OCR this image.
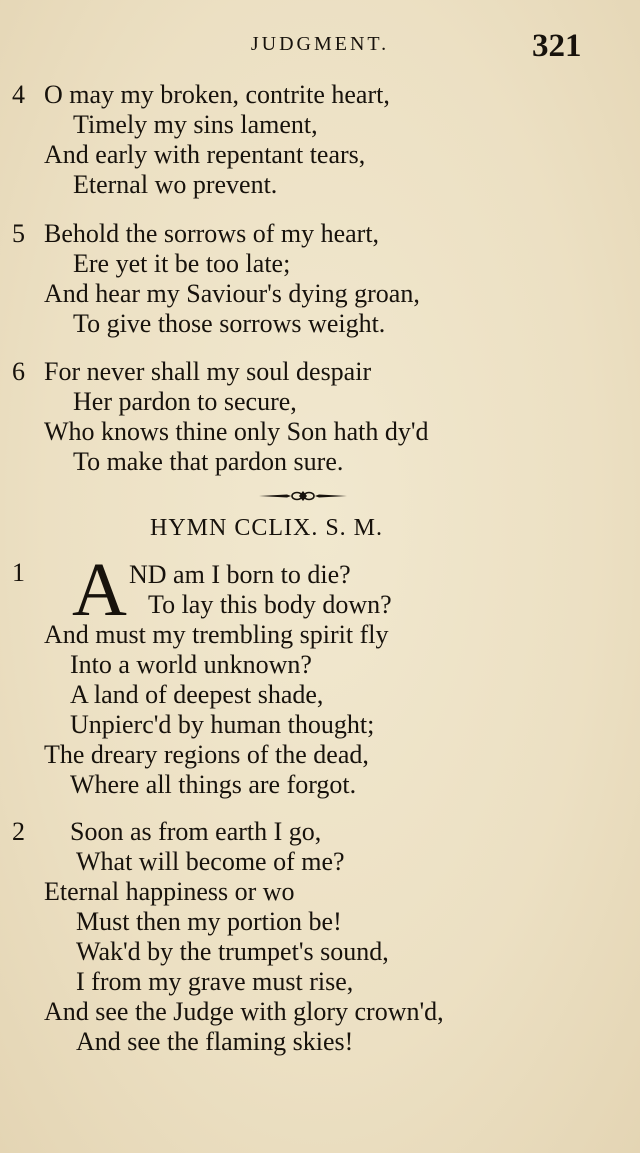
JUDGMENT.	321
4 O may my broken, contrite heart,
Timely my sins lament,
And early with repentant tears,
Eternal wo prevent.
5 Behold the sorrows of my heart,
Ere yet it be too late;
And hear my Saviour's dying groan,
To give those sorrows weight.
6 For never shall my soul despair
Her pardon to secure,
Who knows thine only Son hath dy'd
To make that pardon sure.
HYMN CCLIX. S. M.
1 A ND am I born to die?
To lay this body down?
And must my trembling spirit fly
Into a world unknown?
A land of deepest shade,
Unpierc'd by human thought;
The dreary regions of the dead,
Where all things are forgot.
2 Soon as from earth I go,
What will become of me?
Eternal happiness or wo
Must then my portion be!
Wak'd by the trumpet's sound,
I from my grave must rise,
And see the Judge with glory crown'd,
And see the flaming skies!
